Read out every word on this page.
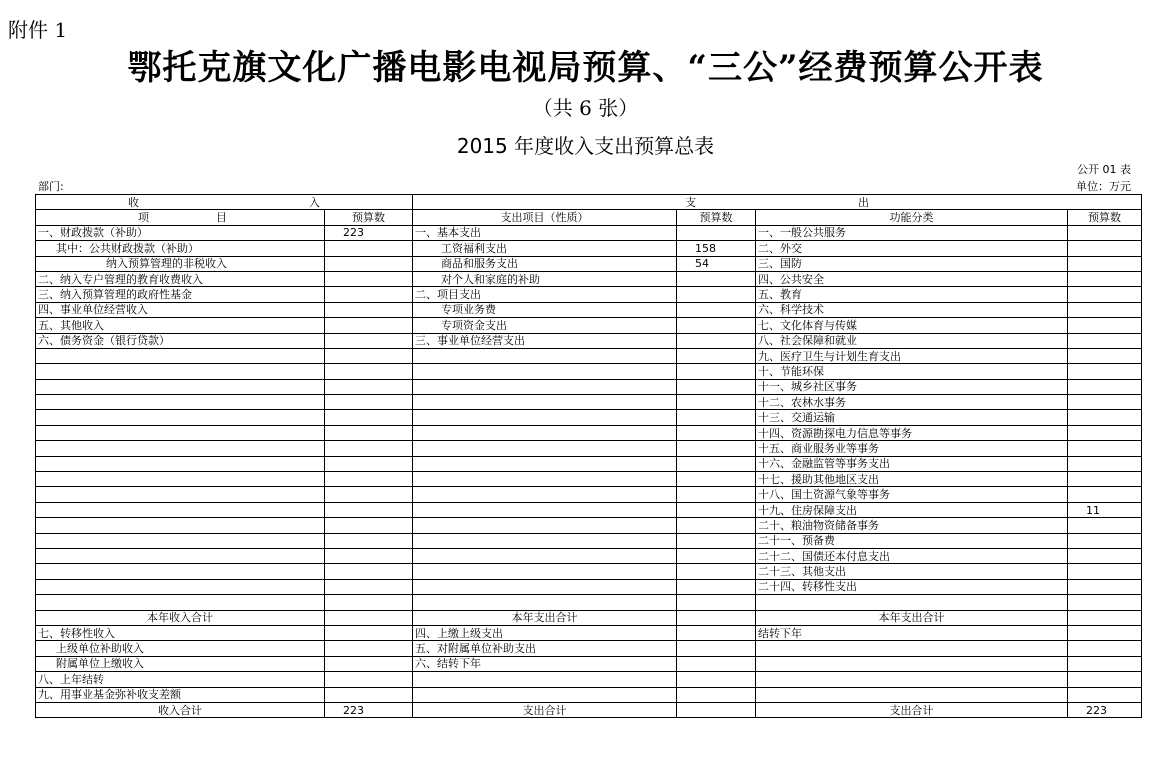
附件 1
鄂托克旗文化广播电影电视局预算、“三公”经费预算公开表
（共 6 张）
2015 年度收入支出预算总表
公开 01 表
部门:	单位：万元
收 入		支 出			

项 目	预算数	支出项目（性质）	预算数	功能分类	预算数
一、财政拨款（补助）	223	一、基本支出		一、一般公共服务	
其中：公共财政拨款（补助）		工资福利支出	158	二、外交	
纳入预算管理的非税收入		商品和服务支出	54	三、国防	
二、纳入专户管理的教育收费收入		对个人和家庭的补助		四、公共安全	
三、纳入预算管理的政府性基金		二、项目支出		五、教育	
四、事业单位经营收入		专项业务费		六、科学技术	
五、其他收入		专项资金支出		七、文化体育与传媒	
六、债务资金（银行贷款）		三、事业单位经营支出		八、社会保障和就业	
				九、医疗卫生与计划生育支出	
				十、节能环保	
				十一、城乡社区事务	
				十二、农林水事务	
				十三、交通运输	
				十四、资源勘探电力信息等事务	
				十五、商业服务业等事务	
				十六、金融监管等事务支出	
				十七、援助其他地区支出	
				十八、国土资源气象等事务	
				十九、住房保障支出	11
				二十、粮油物资储备事务	
				二十一、预备费	
				二十二、国债还本付息支出	
				二十三、其他支出	
				二十四、转移性支出	

本年收入合计		本年支出合计		本年支出合计	
七、转移性收入		四、上缴上级支出		结转下年	
上级单位补助收入		五、对附属单位补助支出			
附属单位上缴收入		六、结转下年			
八、上年结转					
九、用事业基金弥补收支差额					
收入合计	223	支出合计		支出合计	223
